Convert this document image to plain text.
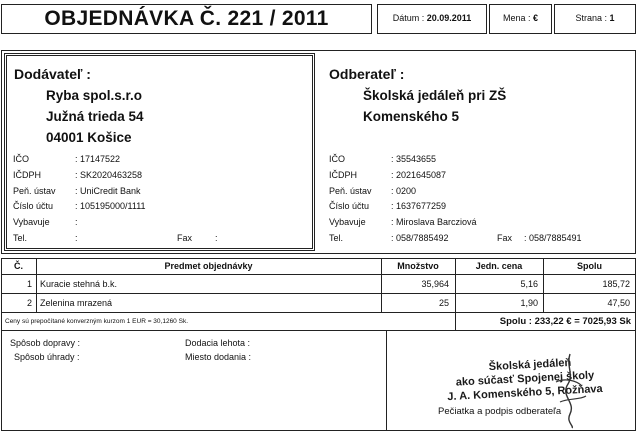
OBJEDNÁVKA Č. 221 / 2011	Dátum : 20.09.2011	Mena : €	Strana : 1
Dodávateľ :
Ryba spol.s.r.o
Južná trieda 54
04001 Košice
IČO	: 17147522
IČDPH	: SK2020463258
Peň. ústav : UniCredit Bank
Číslo účtu : 105195000/1111
Vybavuje	:
Tel.	:	Fax	:
Odberateľ :
Školská jedáleň pri ZŠ
Komenského 5
IČO	: 35543655
IČDPH	: 2021645087
Peň. ústav : 0200
Číslo účtu : 1637677259
Vybavuje	: Miroslava Barcziová
Tel.	: 058/7885492	Fax : 058/7885491
Č.	Predmet objednávky	Množstvo	Jedn. cena	Spolu
1 Kuracie stehná b.k.	35,964	5,16	185,72
2 Zelenina mrazená	25	1,90	47,50
Ceny sú prepočítané konverzným kurzom 1 EUR = 30,1260 Sk.	Spolu : 233,22 € = 7025,93 Sk
Spôsob dopravy :
Spôsob úhrady :
Dodacia lehota :
Miesto dodania :	Školská jedáleň
ako súčasť Spojenej školy
J. A. Komenského 5, Rožňava
Pečiatka a podpis odberateľa
